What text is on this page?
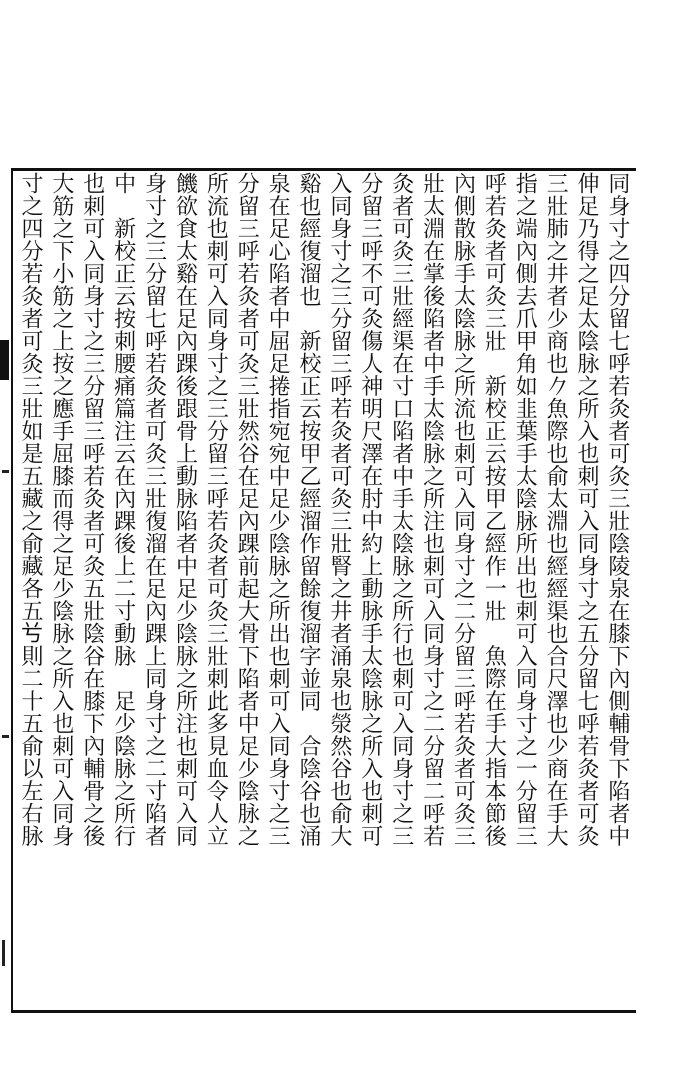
同身寸之四分留七呼若灸者可灸三壯陰陵泉在膝下內側輔骨下陷者中
伸足乃得之足太陰脉之所入也刺可入同身寸之五分留七呼若灸者可灸
三壯肺之井者少商也𠂊魚際也俞太淵也經經渠也合尺澤也少商在手大
指之端內側去爪甲角如韭葉手太陰脉所出也刺可入同身寸之一分留三
呼若灸者可灸三壯　新校正云按甲乙經作一壯　魚際在手大指本節後
內側散脉手太陰脉之所流也刺可入同身寸之二分留三呼若灸者可灸三
壯太淵在掌後陷者中手太陰脉之所注也刺可入同身寸之二分留二呼若
灸者可灸三壯經渠在寸口陷者中手太陰脉之所行也刺可入同身寸之三
分留三呼不可灸傷人神明尺澤在肘中約上動脉手太陰脉之所入也刺可
入同身寸之三分留三呼若灸者可灸三壯腎之井者涌泉也滎然谷也俞大
谿也經復溜也　新校正云按甲乙經溜作留餘復溜字並同　合陰谷也涌
泉在足心陷者中屈足捲指宛宛中足少陰脉之所出也刺可入同身寸之三
分留三呼若灸者可灸三壯然谷在足內踝前起大骨下陷者中足少陰脉之
所流也刺可入同身寸之三分留三呼若灸者可灸三壯刺此多見血令人立
饑欲食太谿在足內踝後跟骨上動脉陷者中足少陰脉之所注也刺可入同
身寸之三分留七呼若灸者可灸三壯復溜在足內踝上同身寸之二寸陷者
中　新校正云按刺腰痛篇注云在內踝後上二寸動脉　足少陰脉之所行
也刺可入同身寸之三分留三呼若灸者可灸五壯陰谷在膝下內輔骨之後
大筋之下小筋之上按之應手屈膝而得之足少陰脉之所入也刺可入同身
寸之四分若灸者可灸三壯如是五藏之俞藏各五𠔃則二十五俞以左右脉
